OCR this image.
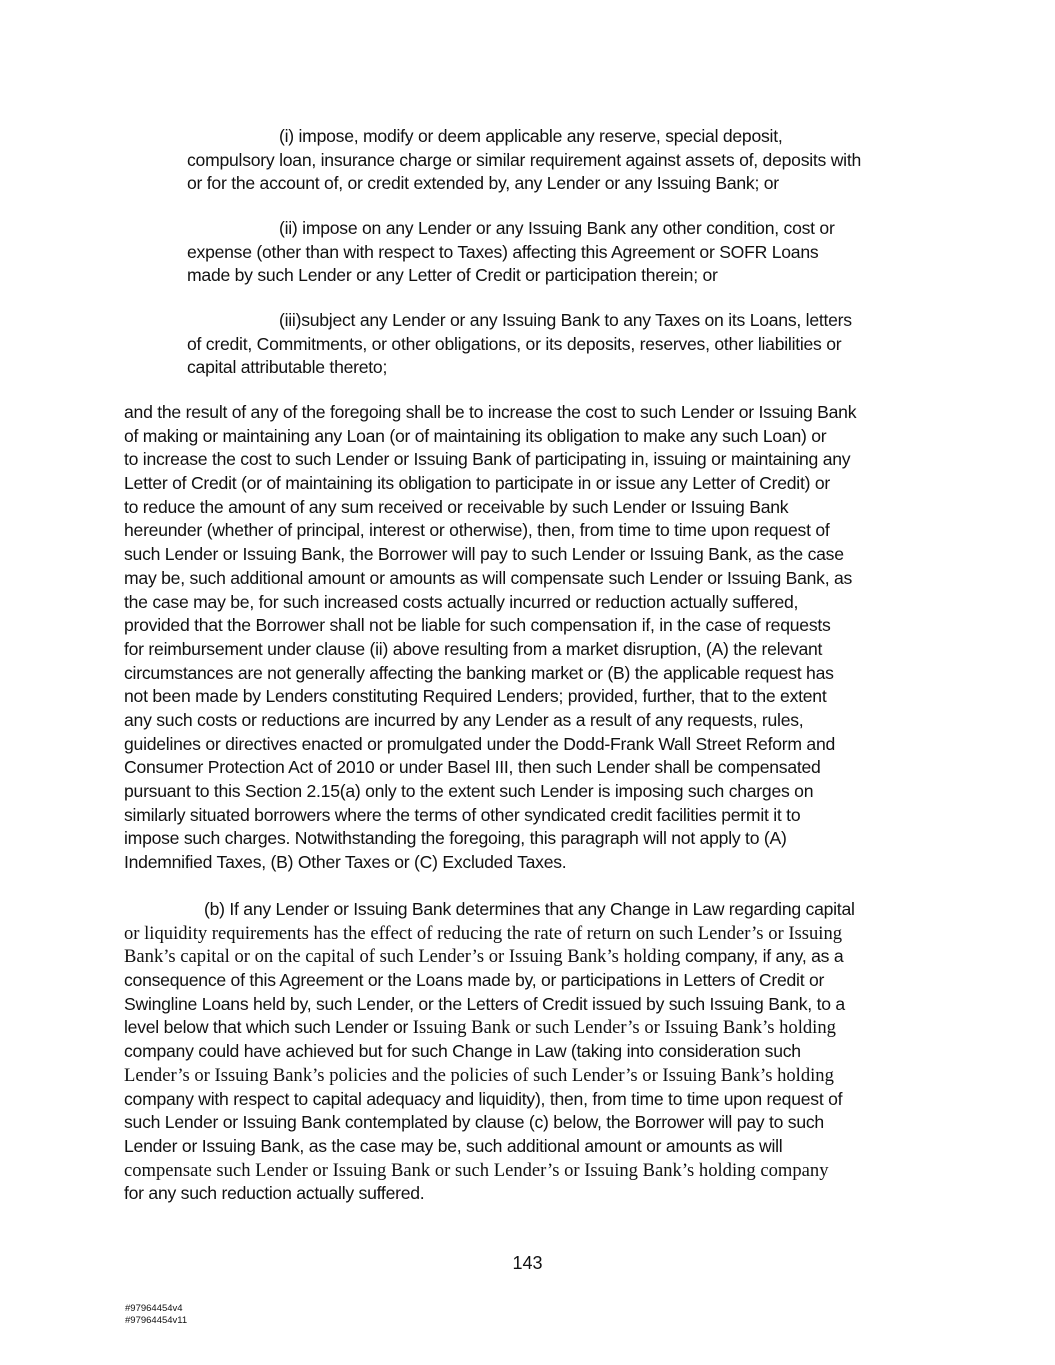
(i) impose, modify or deem applicable any reserve, special deposit,
compulsory loan, insurance charge or similar requirement against assets of, deposits with
or for the account of, or credit extended by, any Lender or any Issuing Bank; or
(ii) impose on any Lender or any Issuing Bank any other condition, cost or
expense (other than with respect to Taxes) affecting this Agreement or SOFR Loans
made by such Lender or any Letter of Credit or participation therein; or
(iii)subject any Lender or any Issuing Bank to any Taxes on its Loans, letters
of credit, Commitments, or other obligations, or its deposits, reserves, other liabilities or
capital attributable thereto;
and the result of any of the foregoing shall be to increase the cost to such Lender or Issuing Bank
of making or maintaining any Loan (or of maintaining its obligation to make any such Loan) or
to increase the cost to such Lender or Issuing Bank of participating in, issuing or maintaining any
Letter of Credit (or of maintaining its obligation to participate in or issue any Letter of Credit) or
to reduce the amount of any sum received or receivable by such Lender or Issuing Bank
hereunder (whether of principal, interest or otherwise), then, from time to time upon request of
such Lender or Issuing Bank, the Borrower will pay to such Lender or Issuing Bank, as the case
may be, such additional amount or amounts as will compensate such Lender or Issuing Bank, as
the case may be, for such increased costs actually incurred or reduction actually suffered,
provided that the Borrower shall not be liable for such compensation if, in the case of requests
for reimbursement under clause (ii) above resulting from a market disruption, (A) the relevant
circumstances are not generally affecting the banking market or (B) the applicable request has
not been made by Lenders constituting Required Lenders; provided, further, that to the extent
any such costs or reductions are incurred by any Lender as a result of any requests, rules,
guidelines or directives enacted or promulgated under the Dodd-Frank Wall Street Reform and
Consumer Protection Act of 2010 or under Basel III, then such Lender shall be compensated
pursuant to this Section 2.15(a) only to the extent such Lender is imposing such charges on
similarly situated borrowers where the terms of other syndicated credit facilities permit it to
impose such charges. Notwithstanding the foregoing, this paragraph will not apply to (A)
Indemnified Taxes, (B) Other Taxes or (C) Excluded Taxes.
(b) If any Lender or Issuing Bank determines that any Change in Law regarding capital
or liquidity requirements has the effect of reducing the rate of return on such Lender’s or Issuing
Bank’s capital or on the capital of such Lender’s or Issuing Bank’s holding company, if any, as a
consequence of this Agreement or the Loans made by, or participations in Letters of Credit or
Swingline Loans held by, such Lender, or the Letters of Credit issued by such Issuing Bank, to a
level below that which such Lender or Issuing Bank or such Lender’s or Issuing Bank’s holding
company could have achieved but for such Change in Law (taking into consideration such
Lender’s or Issuing Bank’s policies and the policies of such Lender’s or Issuing Bank’s holding
company with respect to capital adequacy and liquidity), then, from time to time upon request of
such Lender or Issuing Bank contemplated by clause (c) below, the Borrower will pay to such
Lender or Issuing Bank, as the case may be, such additional amount or amounts as will
compensate such Lender or Issuing Bank or such Lender’s or Issuing Bank’s holding company
for any such reduction actually suffered.
143
#97964454v4
#97964454v11
